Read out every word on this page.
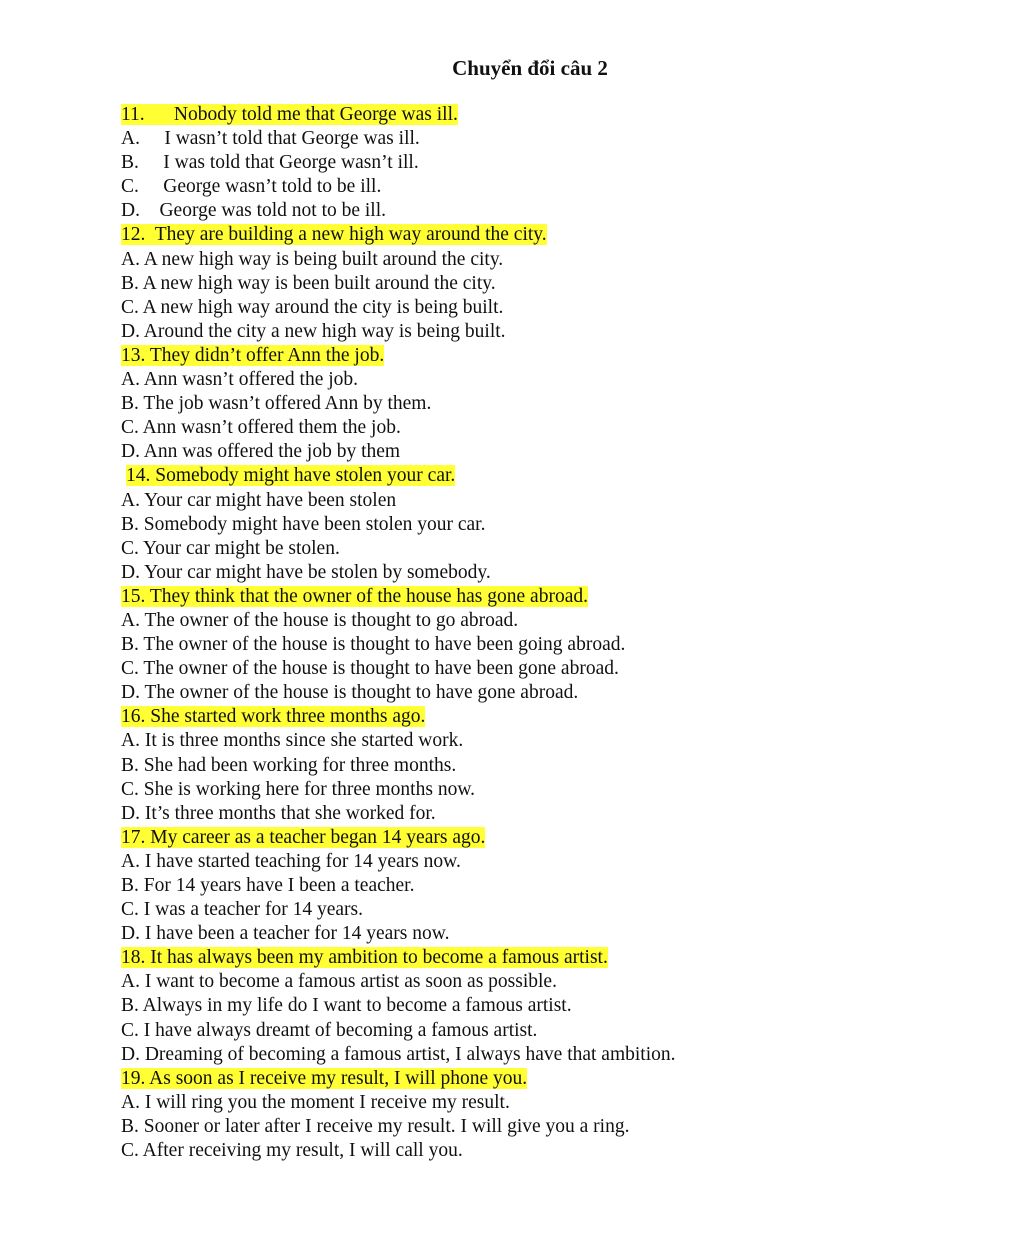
Chuyển đổi câu 2
11.      Nobody told me that George was ill.
A.     I wasn’t told that George was ill.
B.     I was told that George wasn’t ill.
C.     George wasn’t told to be ill.
D.    George was told not to be ill.
12.  They are building a new high way around the city.
A. A new high way is being built around the city.
B. A new high way is been built around the city.
C. A new high way around the city is being built.
D. Around the city a new high way is being built.
13. They didn’t offer Ann the job.
A. Ann wasn’t offered the job.
B. The job wasn’t offered Ann by them.
C. Ann wasn’t offered them the job.
D. Ann was offered the job by them
14. Somebody might have stolen your car.
A. Your car might have been stolen
B. Somebody might have been stolen your car.
C. Your car might be stolen.
D. Your car might have be stolen by somebody.
15. They think that the owner of the house has gone abroad.
A. The owner of the house is thought to go abroad.
B. The owner of the house is thought to have been going abroad.
C. The owner of the house is thought to have been gone abroad.
D. The owner of the house is thought to have gone abroad.
16. She started work three months ago.
A. It is three months since she started work.
B. She had been working for three months.
C. She is working here for three months now.
D. It’s three months that she worked for.
17. My career as a teacher began 14 years ago.
A. I have started teaching for 14 years now.
B. For 14 years have I been a teacher.
C. I was a teacher for 14 years.
D. I have been a teacher for 14 years now.
18. It has always been my ambition to become a famous artist.
A. I want to become a famous artist as soon as possible.
B. Always in my life do I want to become a famous artist.
C. I have always dreamt of becoming a famous artist.
D. Dreaming of becoming a famous artist, I always have that ambition.
19. As soon as I receive my result, I will phone you.
A. I will ring you the moment I receive my result.
B. Sooner or later after I receive my result. I will give you a ring.
C. After receiving my result, I will call you.
